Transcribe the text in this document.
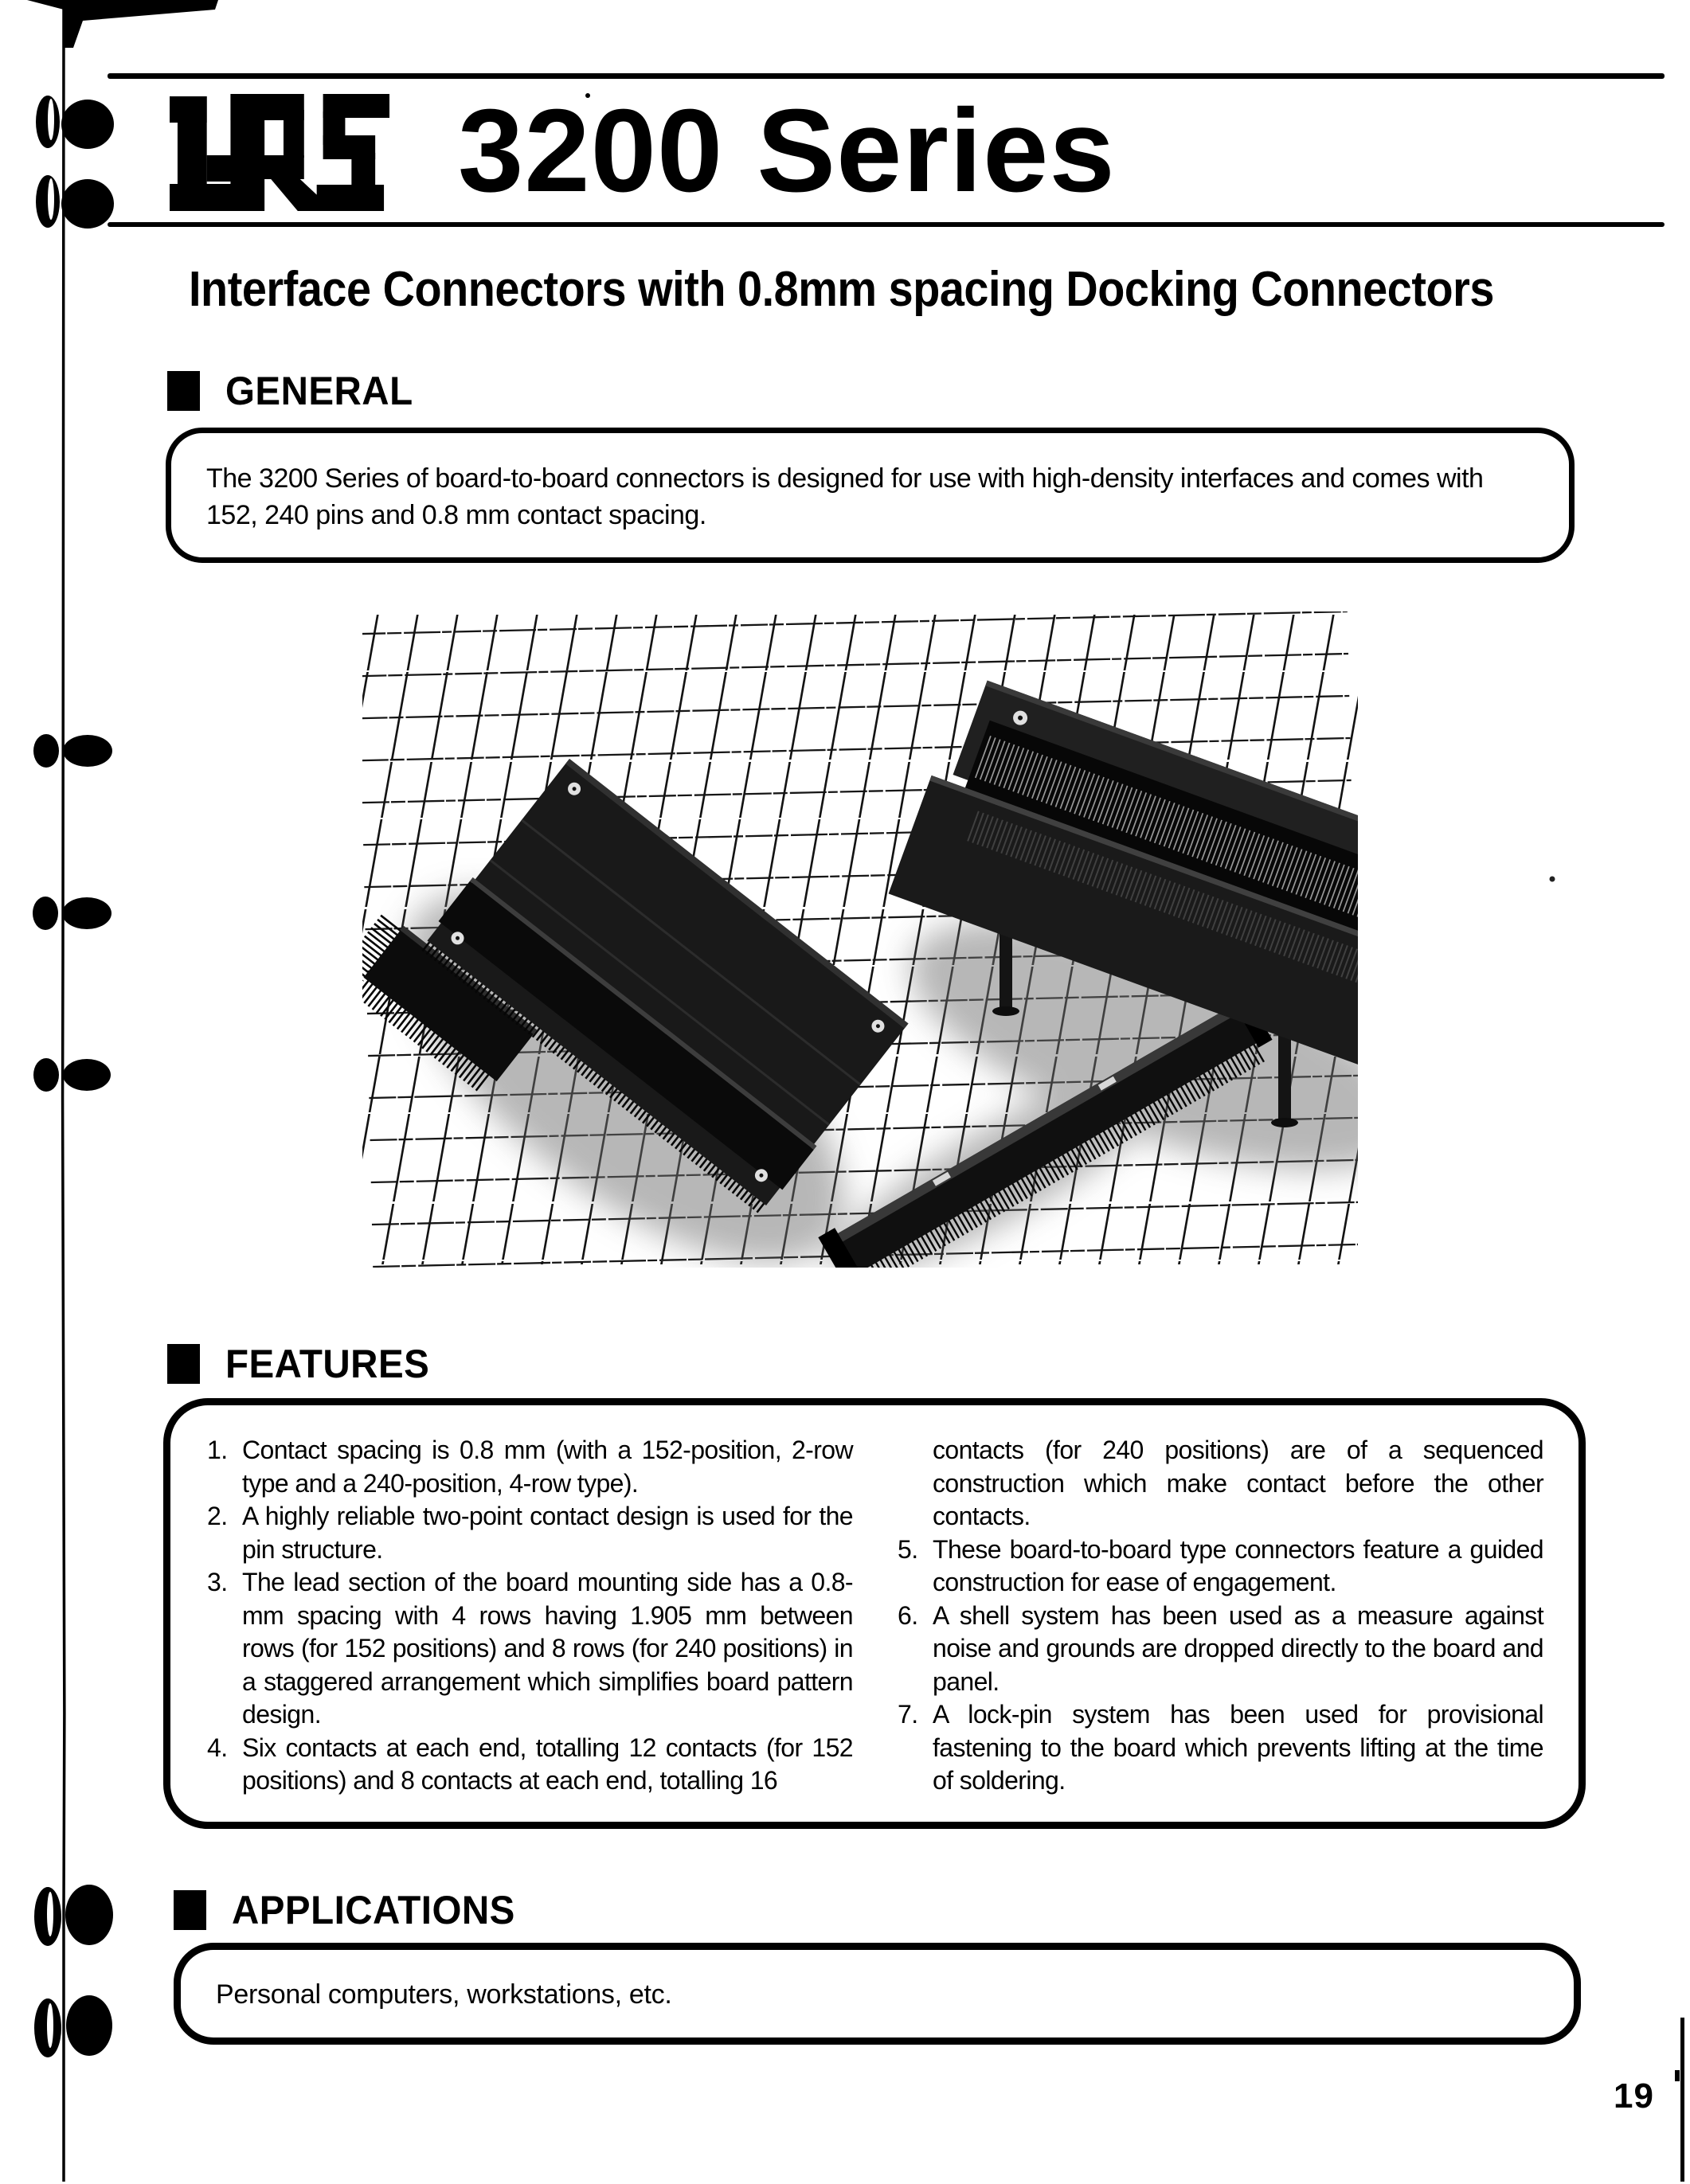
3200 Series
Interface Connectors with 0.8mm spacing Docking Connectors
GENERAL
The 3200 Series of board-to-board connectors is designed for use with high-density interfaces and comes with 152, 240 pins and 0.8 mm contact spacing.
FEATURES
1. Contact spacing is 0.8 mm (with a 152-position, 2-row type and a 240-position, 4-row type).
2. A highly reliable two-point contact design is used for the pin structure.
3. The lead section of the board mounting side has a 0.8-mm spacing with 4 rows having 1.905 mm between rows (for 152 positions) and 8 rows (for 240 positions) in a staggered arrangement which simplifies board pattern design.
4. Six contacts at each end, totalling 12 contacts (for 152 positions) and 8 contacts at each end, totalling 16
contacts (for 240 positions) are of a sequenced construction which make contact before the other contacts.
5. These board-to-board type connectors feature a guided construction for ease of engagement.
6. A shell system has been used as a measure against noise and grounds are dropped directly to the board and panel.
7. A lock-pin system has been used for provisional fastening to the board which prevents lifting at the time of soldering.
APPLICATIONS
Personal computers, workstations, etc.
19
